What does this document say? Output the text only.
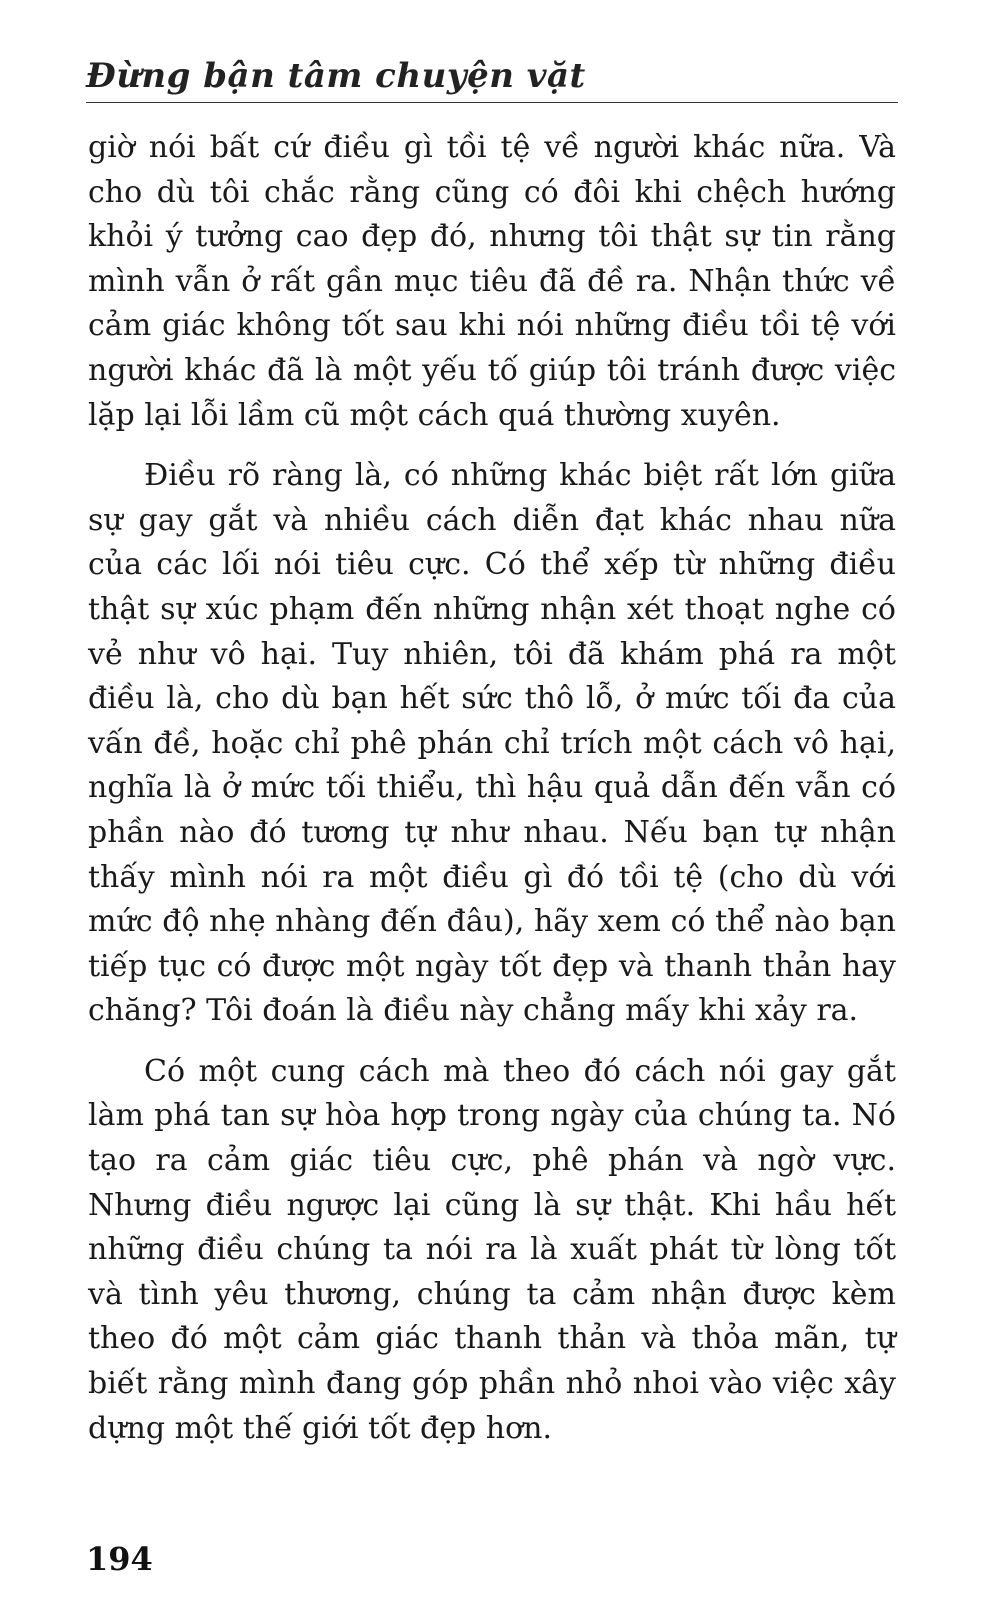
Đừng bận tâm chuyện vặt

giờ nói bất cứ điều gì tồi tệ về người khác nữa. Và cho dù tôi chắc rằng cũng có đôi khi chệch hướng khỏi ý tưởng cao đẹp đó, nhưng tôi thật sự tin rằng mình vẫn ở rất gần mục tiêu đã đề ra. Nhận thức về cảm giác không tốt sau khi nói những điều tồi tệ với người khác đã là một yếu tố giúp tôi tránh được việc lặp lại lỗi lầm cũ một cách quá thường xuyên.

Điều rõ ràng là, có những khác biệt rất lớn giữa sự gay gắt và nhiều cách diễn đạt khác nhau nữa của các lối nói tiêu cực. Có thể xếp từ những điều thật sự xúc phạm đến những nhận xét thoạt nghe có vẻ như vô hại. Tuy nhiên, tôi đã khám phá ra một điều là, cho dù bạn hết sức thô lỗ, ở mức tối đa của vấn đề, hoặc chỉ phê phán chỉ trích một cách vô hại, nghĩa là ở mức tối thiểu, thì hậu quả dẫn đến vẫn có phần nào đó tương tự như nhau. Nếu bạn tự nhận thấy mình nói ra một điều gì đó tồi tệ (cho dù với mức độ nhẹ nhàng đến đâu), hãy xem có thể nào bạn tiếp tục có được một ngày tốt đẹp và thanh thản hay chăng? Tôi đoán là điều này chẳng mấy khi xảy ra.

Có một cung cách mà theo đó cách nói gay gắt làm phá tan sự hòa hợp trong ngày của chúng ta. Nó tạo ra cảm giác tiêu cực, phê phán và ngờ vực. Nhưng điều ngược lại cũng là sự thật. Khi hầu hết những điều chúng ta nói ra là xuất phát từ lòng tốt và tình yêu thương, chúng ta cảm nhận được kèm theo đó một cảm giác thanh thản và thỏa mãn, tự biết rằng mình đang góp phần nhỏ nhoi vào việc xây dựng một thế giới tốt đẹp hơn.

194
